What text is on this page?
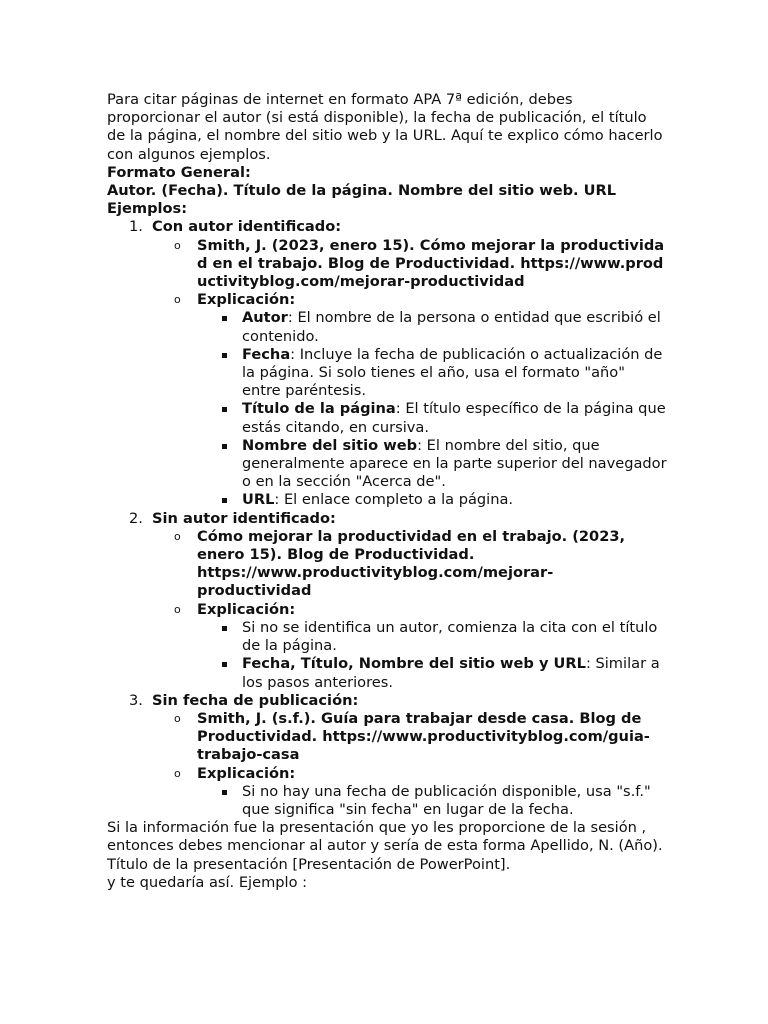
Para citar páginas de internet en formato APA 7ª edición, debes proporcionar el autor (si está disponible), la fecha de publicación, el título de la página, el nombre del sitio web y la URL. Aquí te explico cómo hacerlo con algunos ejemplos.

Formato General:

Autor. (Fecha). Título de la página. Nombre del sitio web. URL

Ejemplos:

1. Con autor identificado:
o Smith, J. (2023, enero 15). Cómo mejorar la productividad en el trabajo. Blog de Productividad. https://www.productivityblog.com/mejorar-productividad
o Explicación:
Autor: El nombre de la persona o entidad que escribió el contenido.
Fecha: Incluye la fecha de publicación o actualización de la página. Si solo tienes el año, usa el formato "año" entre paréntesis.
Título de la página: El título específico de la página que estás citando, en cursiva.
Nombre del sitio web: El nombre del sitio, que generalmente aparece en la parte superior del navegador o en la sección "Acerca de".
URL: El enlace completo a la página.
2. Sin autor identificado:
o Cómo mejorar la productividad en el trabajo. (2023, enero 15). Blog de Productividad. https://www.productivityblog.com/mejorar-productividad
o Explicación:
Si no se identifica un autor, comienza la cita con el título de la página.
Fecha, Título, Nombre del sitio web y URL: Similar a los pasos anteriores.
3. Sin fecha de publicación:
o Smith, J. (s.f.). Guía para trabajar desde casa. Blog de Productividad. https://www.productivityblog.com/guia-trabajo-casa
o Explicación:
Si no hay una fecha de publicación disponible, usa "s.f." que significa "sin fecha" en lugar de la fecha.

Si la información fue la presentación que yo les proporcione de la sesión , entonces debes mencionar al autor y sería de esta forma Apellido, N. (Año). Título de la presentación [Presentación de PowerPoint].

y te quedaría así. Ejemplo :
